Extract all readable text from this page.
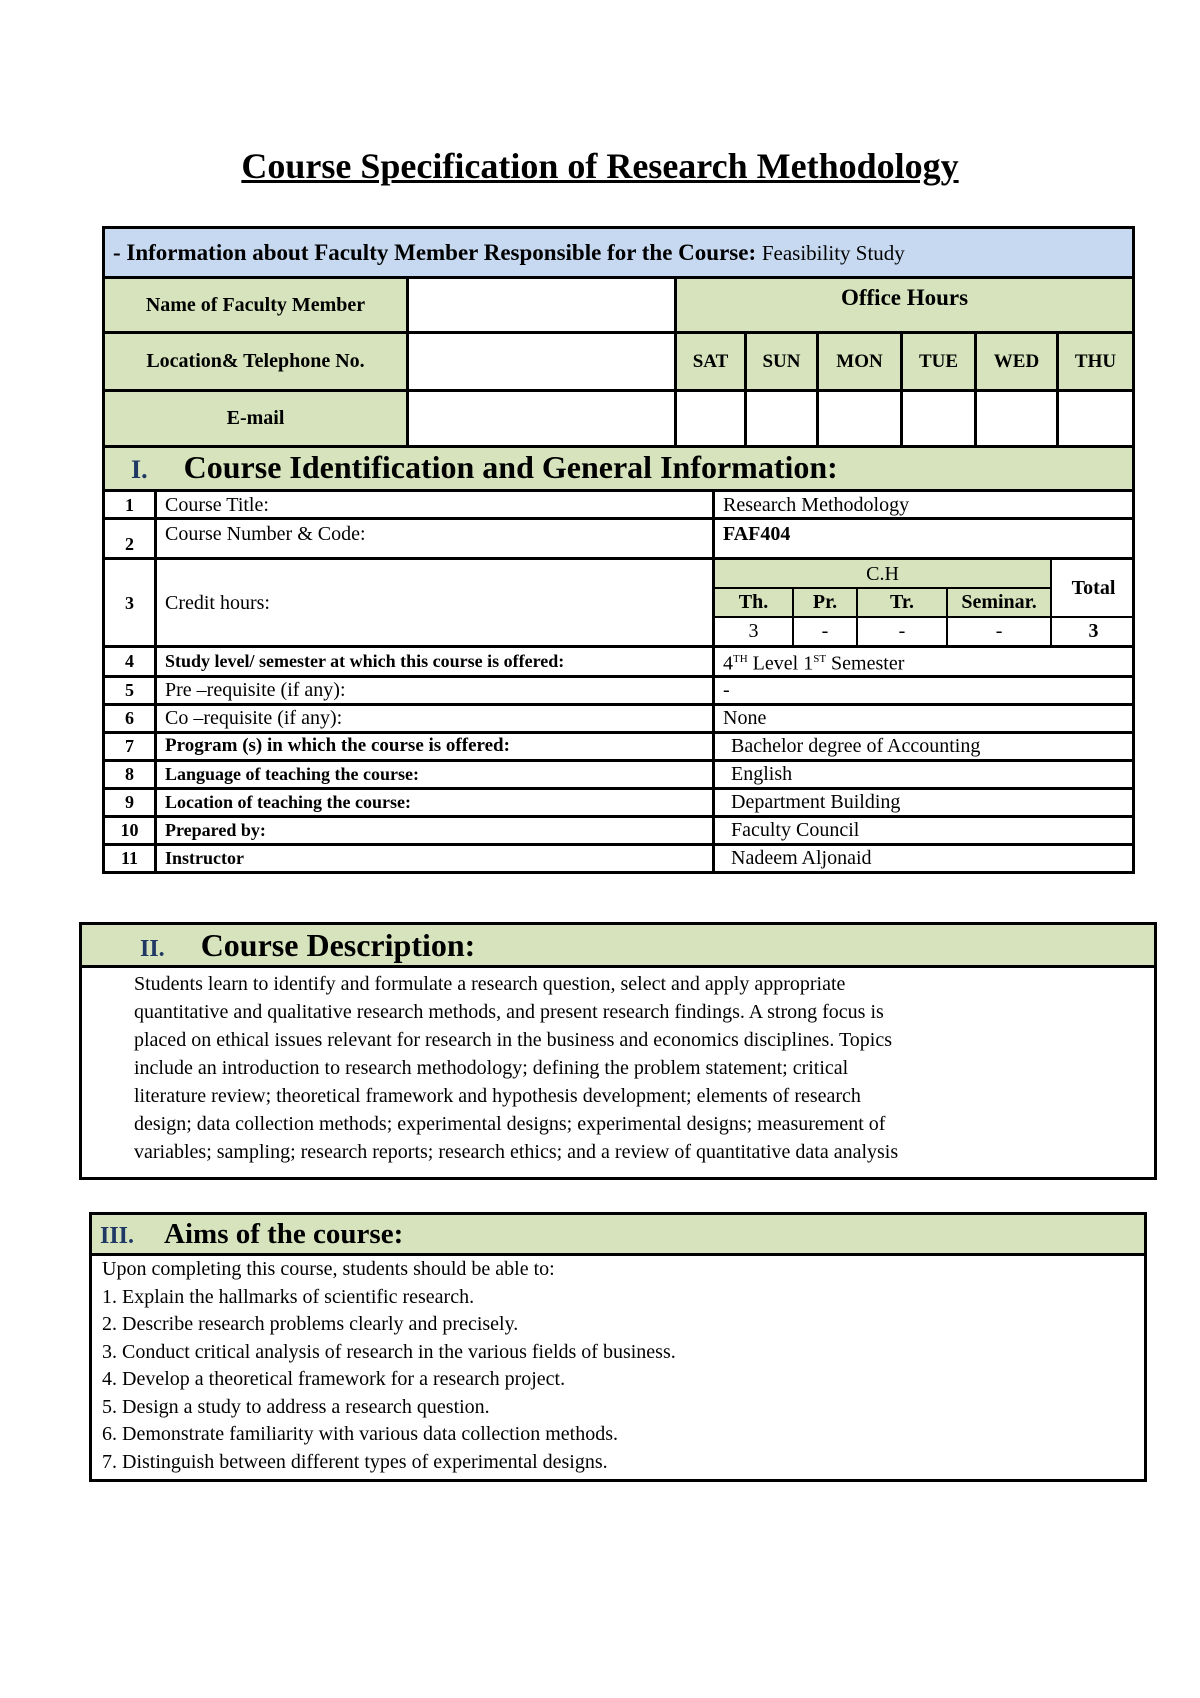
Course Specification of Research Methodology
- Information about Faculty Member Responsible for the Course: Feasibility Study							
Name of Faculty Member		Office Hours					
Location& Telephone No.		SAT	SUN	MON	TUE	WED	THU
E-mail							
I. Course Identification and General Information:
1	Course Title:	Research Methodology
2	Course Number & Code:	FAF404
3	Credit hours:	
C.H	Total
Th.	Pr.	Tr.	Seminar.
3	-	-	-	3

4	Study level/ semester at which this course is offered:	4TH Level 1ST Semester
5	Pre –requisite (if any):	-
6	Co –requisite (if any):	None
7	Program (s) in which the course is offered:	Bachelor degree of Accounting
8	Language of teaching the course:	English
9	Location of teaching the course:	Department Building
10	Prepared by:	Faculty Council
11	Instructor	Nadeem Aljonaid
II. Course Description:
Students learn to identify and formulate a research question, select and apply appropriate
quantitative and qualitative research methods, and present research findings. A strong focus is
placed on ethical issues relevant for research in the business and economics disciplines. Topics
include an introduction to research methodology; defining the problem statement; critical
literature review; theoretical framework and hypothesis development; elements of research
design; data collection methods; experimental designs; experimental designs; measurement of
variables; sampling; research reports; research ethics; and a review of quantitative data analysis
III. Aims of the course:
Upon completing this course, students should be able to:
1. Explain the hallmarks of scientific research.
2. Describe research problems clearly and precisely.
3. Conduct critical analysis of research in the various fields of business.
4. Develop a theoretical framework for a research project.
5. Design a study to address a research question.
6. Demonstrate familiarity with various data collection methods.
7. Distinguish between different types of experimental designs.
